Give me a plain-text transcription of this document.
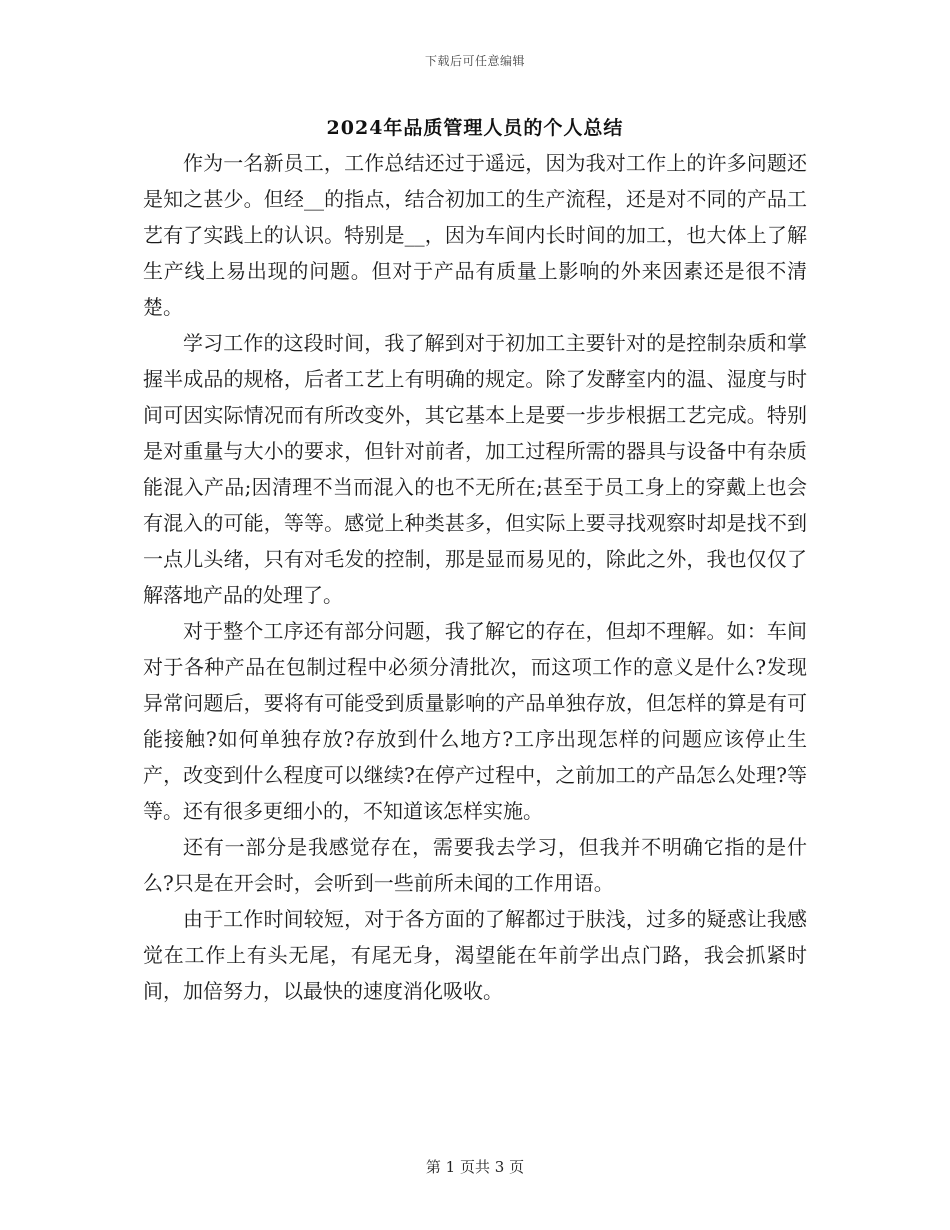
下载后可任意编辑
2024年品质管理人员的个人总结

作为一名新员工，工作总结还过于遥远，因为我对工作上的许多问题还是知之甚少。但经__的指点，结合初加工的生产流程，还是对不同的产品工艺有了实践上的认识。特别是__，因为车间内长时间的加工，也大体上了解生产线上易出现的问题。但对于产品有质量上影响的外来因素还是很不清楚。

学习工作的这段时间，我了解到对于初加工主要针对的是控制杂质和掌握半成品的规格，后者工艺上有明确的规定。除了发酵室内的温、湿度与时间可因实际情况而有所改变外，其它基本上是要一步步根据工艺完成。特别是对重量与大小的要求，但针对前者，加工过程所需的器具与设备中有杂质能混入产品;因清理不当而混入的也不无所在;甚至于员工身上的穿戴上也会有混入的可能，等等。感觉上种类甚多，但实际上要寻找观察时却是找不到一点儿头绪，只有对毛发的控制，那是显而易见的，除此之外，我也仅仅了解落地产品的处理了。

对于整个工序还有部分问题，我了解它的存在，但却不理解。如：车间对于各种产品在包制过程中必须分清批次，而这项工作的意义是什么?发现异常问题后，要将有可能受到质量影响的产品单独存放，但怎样的算是有可能接触?如何单独存放?存放到什么地方?工序出现怎样的问题应该停止生产，改变到什么程度可以继续?在停产过程中，之前加工的产品怎么处理?等等。还有很多更细小的，不知道该怎样实施。

还有一部分是我感觉存在，需要我去学习，但我并不明确它指的是什么?只是在开会时，会听到一些前所未闻的工作用语。

由于工作时间较短，对于各方面的了解都过于肤浅，过多的疑惑让我感觉在工作上有头无尾，有尾无身，渴望能在年前学出点门路，我会抓紧时间，加倍努力，以最快的速度消化吸收。

第 1 页共 3 页
